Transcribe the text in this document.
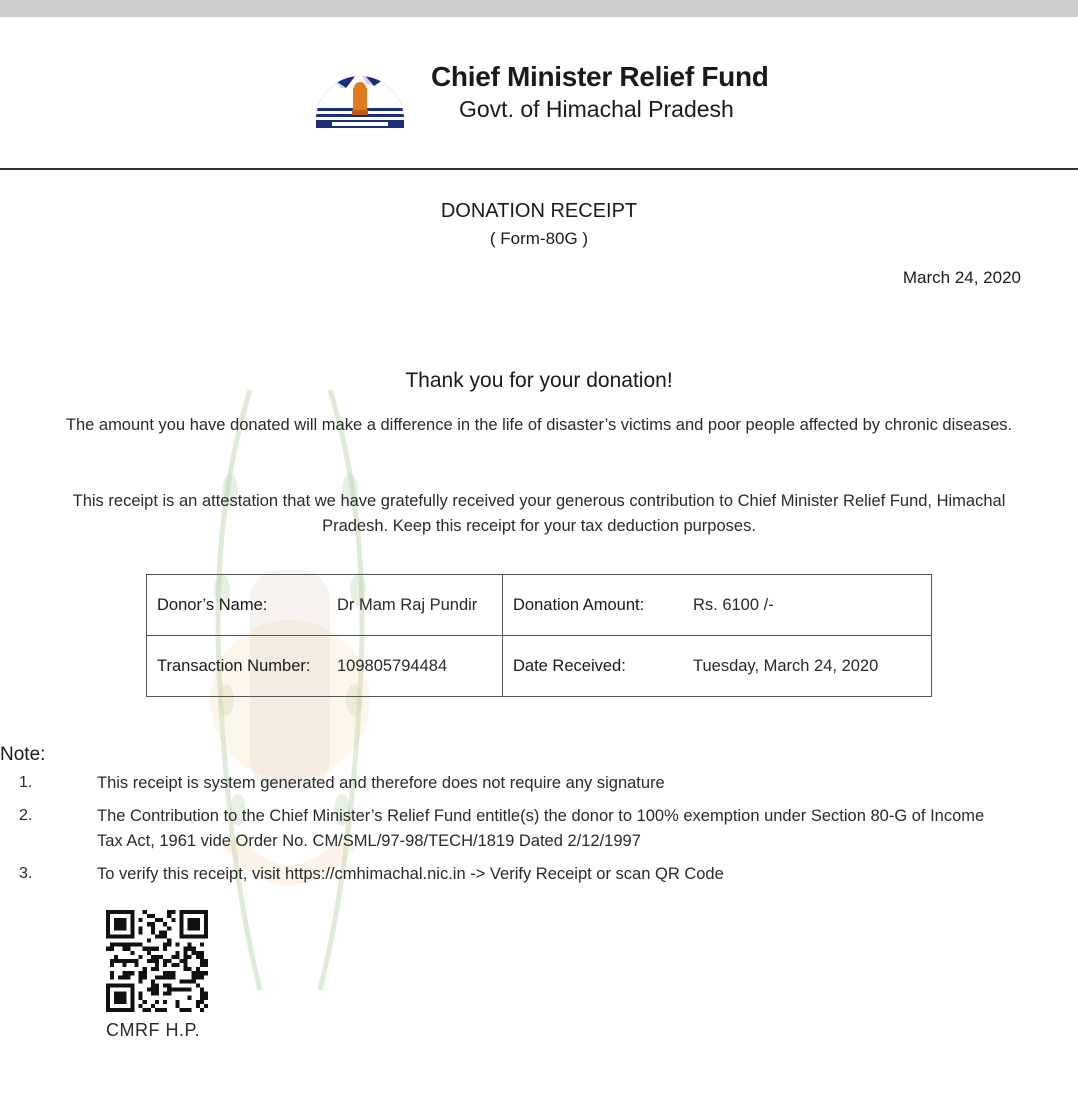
Chief Minister Relief Fund
Govt. of Himachal Pradesh
DONATION RECEIPT
( Form-80G )
March 24, 2020
Thank you for your donation!
The amount you have donated will make a difference in the life of disaster’s victims and poor people affected by chronic diseases.
This receipt is an attestation that we have gratefully received your generous contribution to Chief Minister Relief Fund, Himachal Pradesh. Keep this receipt for your tax deduction purposes.
Donor’s Name:	Dr Mam Raj Pundir	Donation Amount:	Rs. 6100 /-
Transaction Number:	109805794484	Date Received:	Tuesday, March 24, 2020
Note:
1.	This receipt is system generated and therefore does not require any signature
2.	The Contribution to the Chief Minister’s Relief Fund entitle(s) the donor to 100% exemption under Section 80-G of Income Tax Act, 1961 vide Order No. CM/SML/97-98/TECH/1819 Dated 2/12/1997
3.	To verify this receipt, visit https://cmhimachal.nic.in -> Verify Receipt or scan QR Code
CMRF H.P.
